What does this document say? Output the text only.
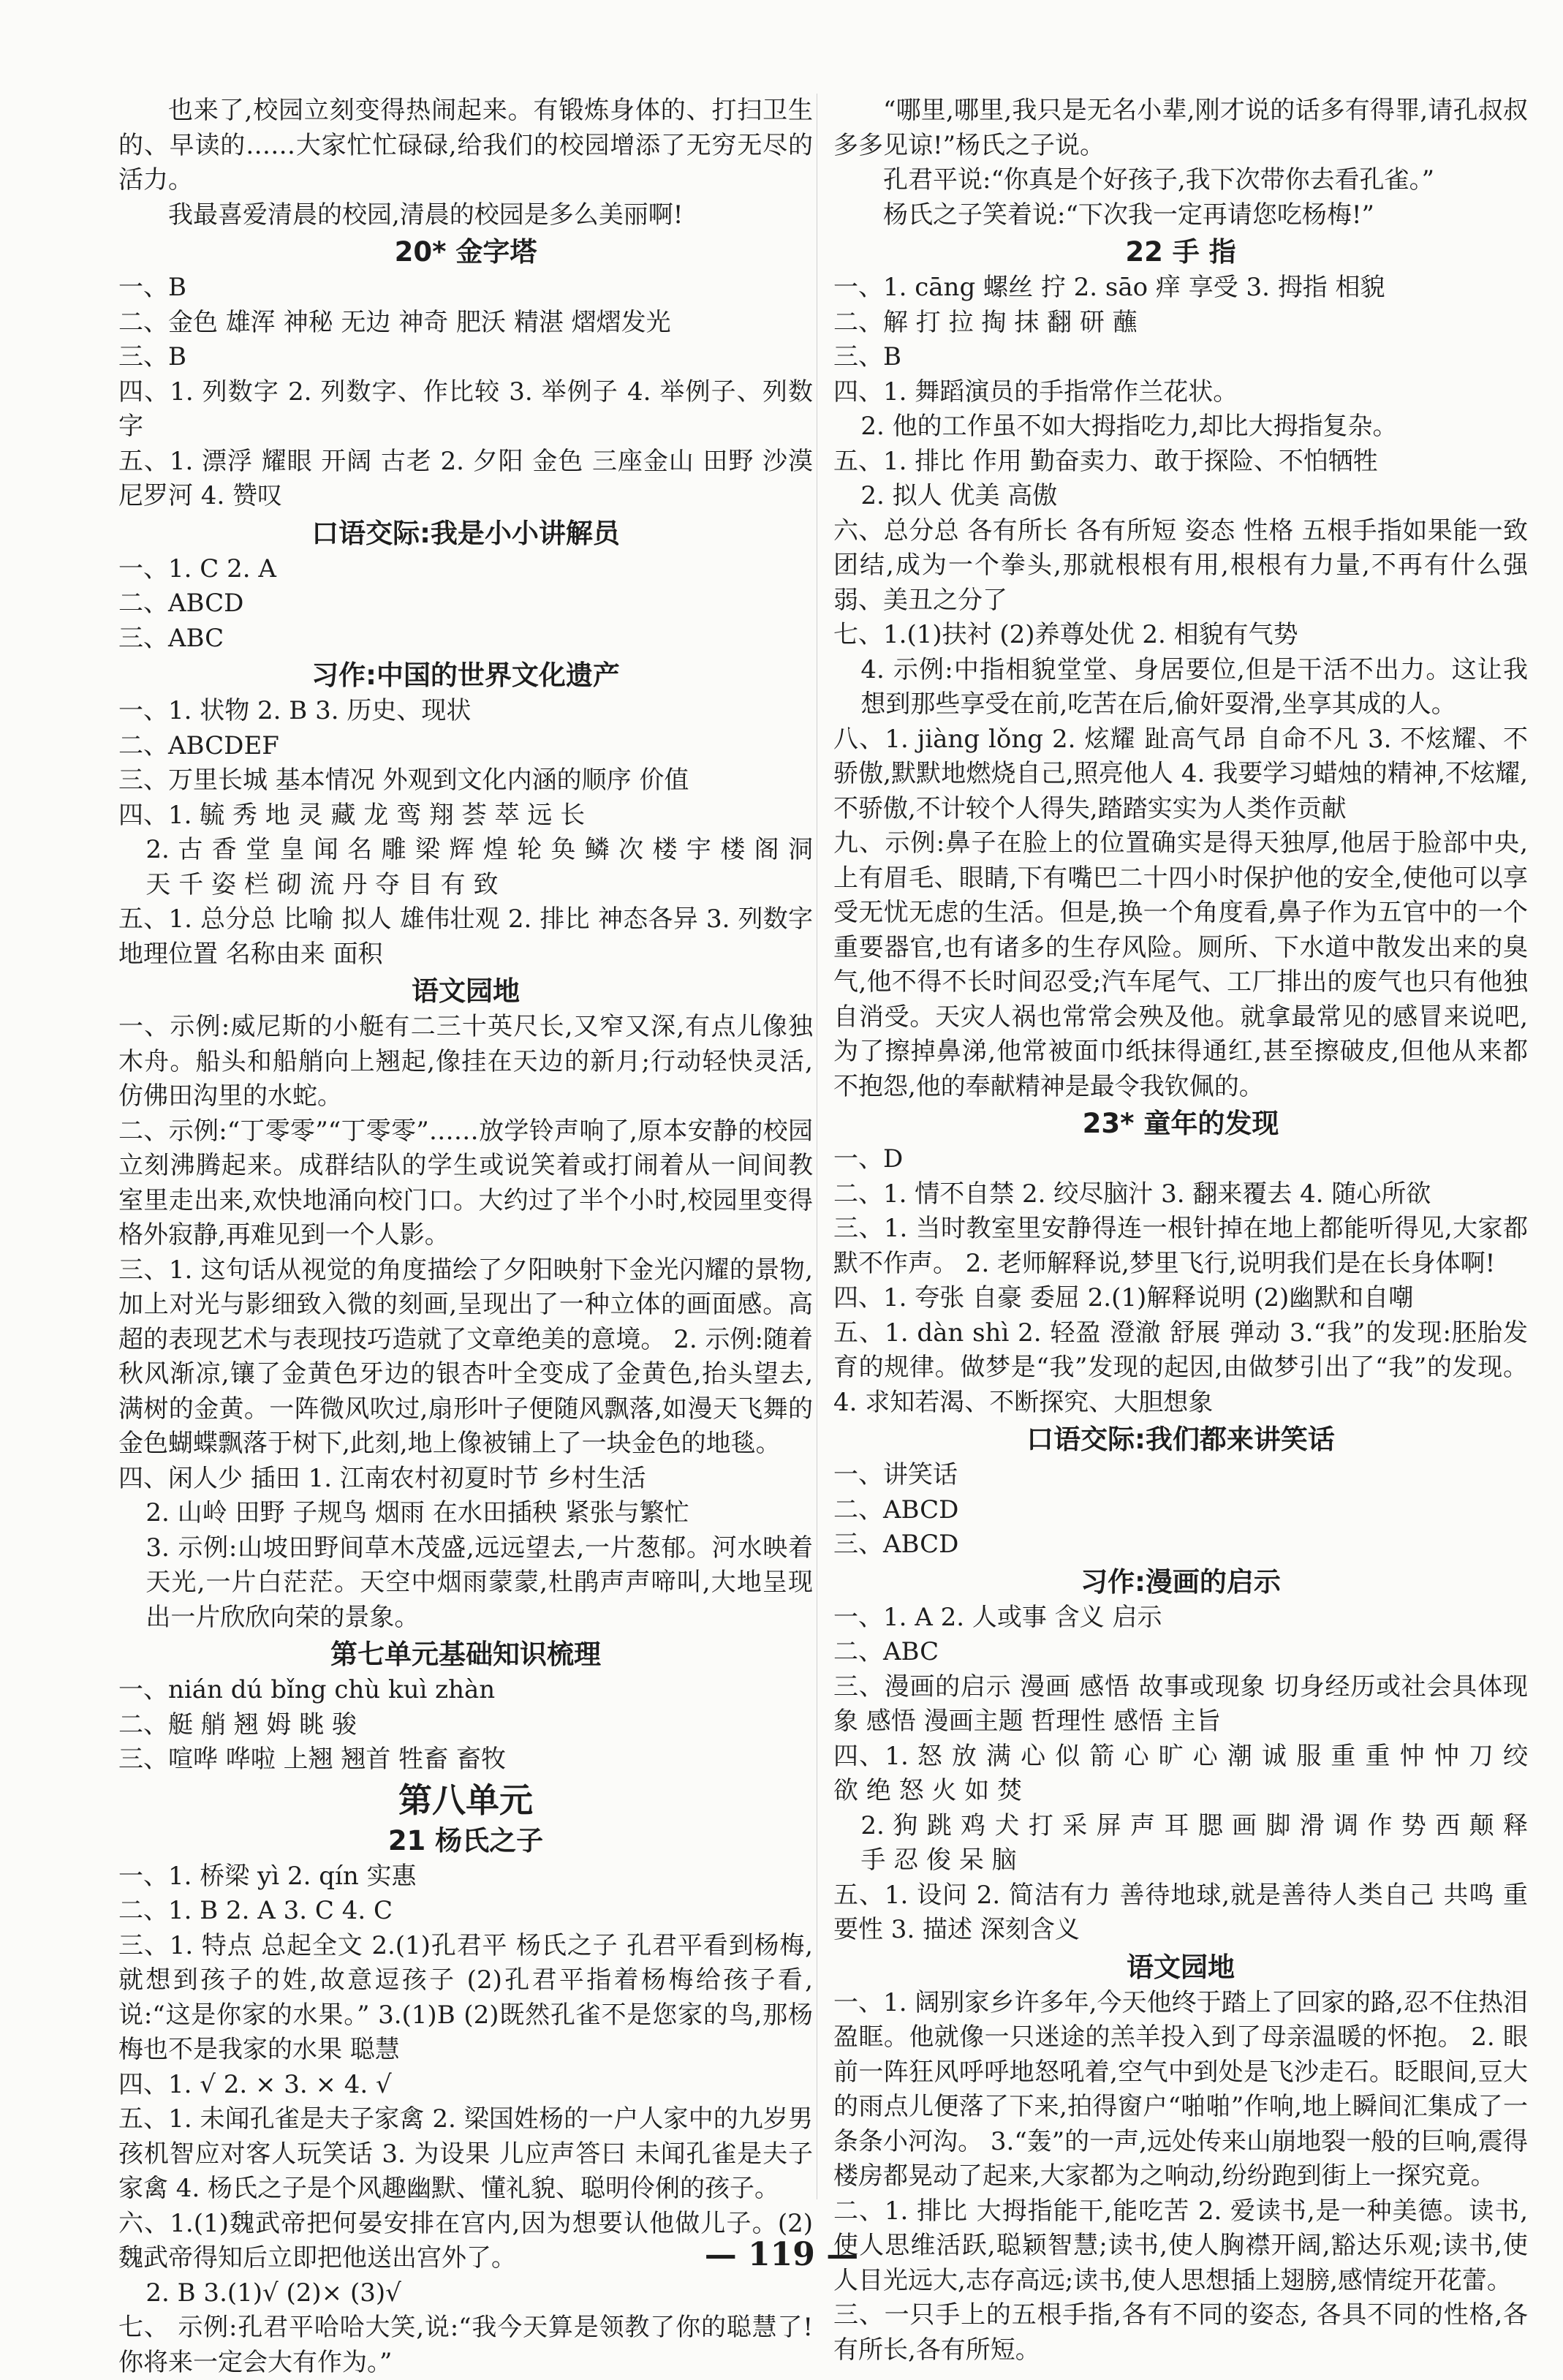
也来了,校园立刻变得热闹起来。有锻炼身体的、打扫卫生的、早读的……大家忙忙碌碌,给我们的校园增添了无穷无尽的活力。

我最喜爱清晨的校园,清晨的校园是多么美丽啊!

20* 金字塔

一、B

二、金色 雄浑 神秘 无边 神奇 肥沃 精湛 熠熠发光

三、B

四、1. 列数字 2. 列数字、作比较 3. 举例子 4. 举例子、列数字

五、1. 漂浮 耀眼 开阔 古老 2. 夕阳 金色 三座金山 田野 沙漠 尼罗河 4. 赞叹

口语交际:我是小小讲解员

一、1. C 2. A

二、ABCD

三、ABC

习作:中国的世界文化遗产

一、1. 状物 2. B 3. 历史、现状

二、ABCDEF

三、万里长城 基本情况 外观到文化内涵的顺序 价值

四、1. 毓 秀 地 灵 藏 龙 鸾 翔 荟 萃 远 长

2. 古 香 堂 皇 闻 名 雕 梁 辉 煌 轮 奂 鳞 次 楼 宇 楼 阁 洞 天 千 姿 栏 砌 流 丹 夺 目 有 致

五、1. 总分总 比喻 拟人 雄伟壮观 2. 排比 神态各异 3. 列数字 地理位置 名称由来 面积

语文园地

一、示例:威尼斯的小艇有二三十英尺长,又窄又深,有点儿像独木舟。船头和船艄向上翘起,像挂在天边的新月;行动轻快灵活,仿佛田沟里的水蛇。

二、示例:“丁零零”“丁零零”……放学铃声响了,原本安静的校园立刻沸腾起来。成群结队的学生或说笑着或打闹着从一间间教室里走出来,欢快地涌向校门口。大约过了半个小时,校园里变得格外寂静,再难见到一个人影。

三、1. 这句话从视觉的角度描绘了夕阳映射下金光闪耀的景物,加上对光与影细致入微的刻画,呈现出了一种立体的画面感。高超的表现艺术与表现技巧造就了文章绝美的意境。 2. 示例:随着秋风渐凉,镶了金黄色牙边的银杏叶全变成了金黄色,抬头望去,满树的金黄。一阵微风吹过,扇形叶子便随风飘落,如漫天飞舞的金色蝴蝶飘落于树下,此刻,地上像被铺上了一块金色的地毯。

四、闲人少 插田 1. 江南农村初夏时节 乡村生活

2. 山岭 田野 子规鸟 烟雨 在水田插秧 紧张与繁忙

3. 示例:山坡田野间草木茂盛,远远望去,一片葱郁。河水映着天光,一片白茫茫。天空中烟雨蒙蒙,杜鹃声声啼叫,大地呈现出一片欣欣向荣的景象。

第七单元基础知识梳理

一、nián dú bǐng chù kuì zhàn

二、艇 艄 翘 姆 眺 骏

三、喧哗 哗啦 上翘 翘首 牲畜 畜牧

第八单元
21 杨氏之子

一、1. 桥梁 yì 2. qín 实惠

二、1. B 2. A 3. C 4. C

三、1. 特点 总起全文 2.(1)孔君平 杨氏之子 孔君平看到杨梅,就想到孩子的姓,故意逗孩子 (2)孔君平指着杨梅给孩子看,说:“这是你家的水果。” 3.(1)B (2)既然孔雀不是您家的鸟,那杨梅也不是我家的水果 聪慧

四、1. √ 2. × 3. × 4. √

五、1. 未闻孔雀是夫子家禽 2. 梁国姓杨的一户人家中的九岁男孩机智应对客人玩笑话 3. 为设果 儿应声答曰 未闻孔雀是夫子家禽 4. 杨氏之子是个风趣幽默、懂礼貌、聪明伶俐的孩子。

六、1.(1)魏武帝把何晏安排在宫内,因为想要认他做儿子。(2)魏武帝得知后立即把他送出宫外了。

2. B 3.(1)√ (2)× (3)√

七、 示例:孔君平哈哈大笑,说:“我今天算是领教了你的聪慧了!你将来一定会大有作为。”

“哪里,哪里,我只是无名小辈,刚才说的话多有得罪,请孔叔叔多多见谅!”杨氏之子说。

孔君平说:“你真是个好孩子,我下次带你去看孔雀。”

杨氏之子笑着说:“下次我一定再请您吃杨梅!”

22 手 指

一、1. cāng 螺丝 拧 2. sāo 痒 享受 3. 拇指 相貌

二、解 打 拉 掏 抹 翻 研 蘸

三、B

四、1. 舞蹈演员的手指常作兰花状。

2. 他的工作虽不如大拇指吃力,却比大拇指复杂。

五、1. 排比 作用 勤奋卖力、敢于探险、不怕牺牲

2. 拟人 优美 高傲

六、总分总 各有所长 各有所短 姿态 性格 五根手指如果能一致团结,成为一个拳头,那就根根有用,根根有力量,不再有什么强弱、美丑之分了

七、1.(1)扶衬 (2)养尊处优 2. 相貌有气势

4. 示例:中指相貌堂堂、身居要位,但是干活不出力。这让我想到那些享受在前,吃苦在后,偷奸耍滑,坐享其成的人。

八、1. jiàng lǒng 2. 炫耀 趾高气昂 自命不凡 3. 不炫耀、不骄傲,默默地燃烧自己,照亮他人 4. 我要学习蜡烛的精神,不炫耀,不骄傲,不计较个人得失,踏踏实实为人类作贡献

九、示例:鼻子在脸上的位置确实是得天独厚,他居于脸部中央,上有眉毛、眼睛,下有嘴巴二十四小时保护他的安全,使他可以享受无忧无虑的生活。但是,换一个角度看,鼻子作为五官中的一个重要器官,也有诸多的生存风险。厕所、下水道中散发出来的臭气,他不得不长时间忍受;汽车尾气、工厂排出的废气也只有他独自消受。天灾人祸也常常会殃及他。就拿最常见的感冒来说吧,为了擦掉鼻涕,他常被面巾纸抹得通红,甚至擦破皮,但他从来都不抱怨,他的奉献精神是最令我钦佩的。

23* 童年的发现

一、D

二、1. 情不自禁 2. 绞尽脑汁 3. 翻来覆去 4. 随心所欲

三、1. 当时教室里安静得连一根针掉在地上都能听得见,大家都默不作声。 2. 老师解释说,梦里飞行,说明我们是在长身体啊!

四、1. 夸张 自豪 委屈 2.(1)解释说明 (2)幽默和自嘲

五、1. dàn shì 2. 轻盈 澄澈 舒展 弹动 3.“我”的发现:胚胎发育的规律。做梦是“我”发现的起因,由做梦引出了“我”的发现。 4. 求知若渴、不断探究、大胆想象

口语交际:我们都来讲笑话

一、讲笑话

二、ABCD

三、ABCD

习作:漫画的启示

一、1. A 2. 人或事 含义 启示

二、ABC

三、漫画的启示 漫画 感悟 故事或现象 切身经历或社会具体现象 感悟 漫画主题 哲理性 感悟 主旨

四、1. 怒 放 满 心 似 箭 心 旷 心 潮 诚 服 重 重 忡 忡 刀 绞 欲 绝 怒 火 如 焚

2. 狗 跳 鸡 犬 打 采 屏 声 耳 腮 画 脚 滑 调 作 势 西 颠 释 手 忍 俊 呆 脑

五、1. 设问 2. 简洁有力 善待地球,就是善待人类自己 共鸣 重要性 3. 描述 深刻含义

语文园地

一、1. 阔别家乡许多年,今天他终于踏上了回家的路,忍不住热泪盈眶。他就像一只迷途的羔羊投入到了母亲温暖的怀抱。 2. 眼前一阵狂风呼呼地怒吼着,空气中到处是飞沙走石。眨眼间,豆大的雨点儿便落了下来,拍得窗户“啪啪”作响,地上瞬间汇集成了一条条小河沟。 3.“轰”的一声,远处传来山崩地裂一般的巨响,震得楼房都晃动了起来,大家都为之响动,纷纷跑到街上一探究竟。

二、1. 排比 大拇指能干,能吃苦 2. 爱读书,是一种美德。读书,使人思维活跃,聪颖智慧;读书,使人胸襟开阔,豁达乐观;读书,使人目光远大,志存高远;读书,使人思想插上翅膀,感情绽开花蕾。

三、一只手上的五根手指,各有不同的姿态, 各具不同的性格,各有所长,各有所短。

— 119 —
